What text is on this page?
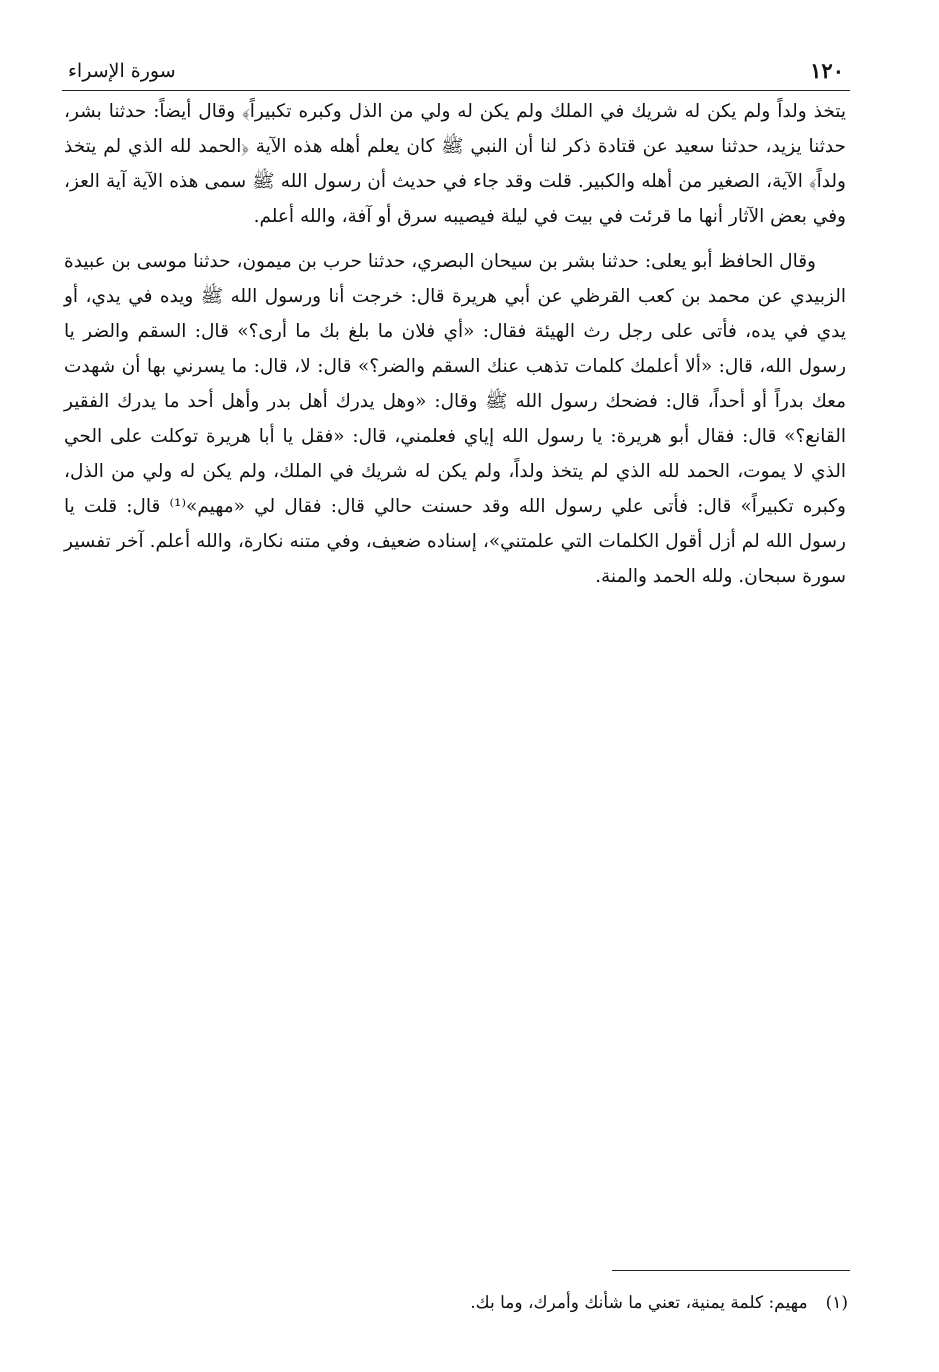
١٢٠
سورة الإسراء

يتخذ ولداً ولم يكن له شريك في الملك ولم يكن له ولي من الذل وكبره تكبيراً﴾ وقال أيضاً: حدثنا بشر، حدثنا يزيد، حدثنا سعيد عن قتادة ذكر لنا أن النبي ﷺ كان يعلم أهله هذه الآية ﴿الحمد لله الذي لم يتخذ ولداً﴾ الآية، الصغير من أهله والكبير. قلت وقد جاء في حديث أن رسول الله ﷺ سمى هذه الآية آية العز، وفي بعض الآثار أنها ما قرئت في بيت في ليلة فيصيبه سرق أو آفة، والله أعلم.

وقال الحافظ أبو يعلى: حدثنا بشر بن سيحان البصري، حدثنا حرب بن ميمون، حدثنا موسى بن عبيدة الزبيدي عن محمد بن كعب القرظي عن أبي هريرة قال: خرجت أنا ورسول الله ﷺ ويده في يدي، أو يدي في يده، فأتى على رجل رث الهيئة فقال: «أي فلان ما بلغ بك ما أرى؟» قال: السقم والضر يا رسول الله، قال: «ألا أعلمك كلمات تذهب عنك السقم والضر؟» قال: لا، قال: ما يسرني بها أن شهدت معك بدراً أو أحداً، قال: فضحك رسول الله ﷺ وقال: «وهل يدرك أهل بدر وأهل أحد ما يدرك الفقير القانع؟» قال: فقال أبو هريرة: يا رسول الله إياي فعلمني، قال: «فقل يا أبا هريرة توكلت على الحي الذي لا يموت، الحمد لله الذي لم يتخذ ولداً، ولم يكن له شريك في الملك، ولم يكن له ولي من الذل، وكبره تكبيراً» قال: فأتى علي رسول الله وقد حسنت حالي قال: فقال لي «مهيم»⁽¹⁾ قال: قلت يا رسول الله لم أزل أقول الكلمات التي علمتني»، إسناده ضعيف، وفي متنه نكارة، والله أعلم. آخر تفسير سورة سبحان. ولله الحمد والمنة.

(١)مهيم: كلمة يمنية، تعني ما شأنك وأمرك، وما بك.
